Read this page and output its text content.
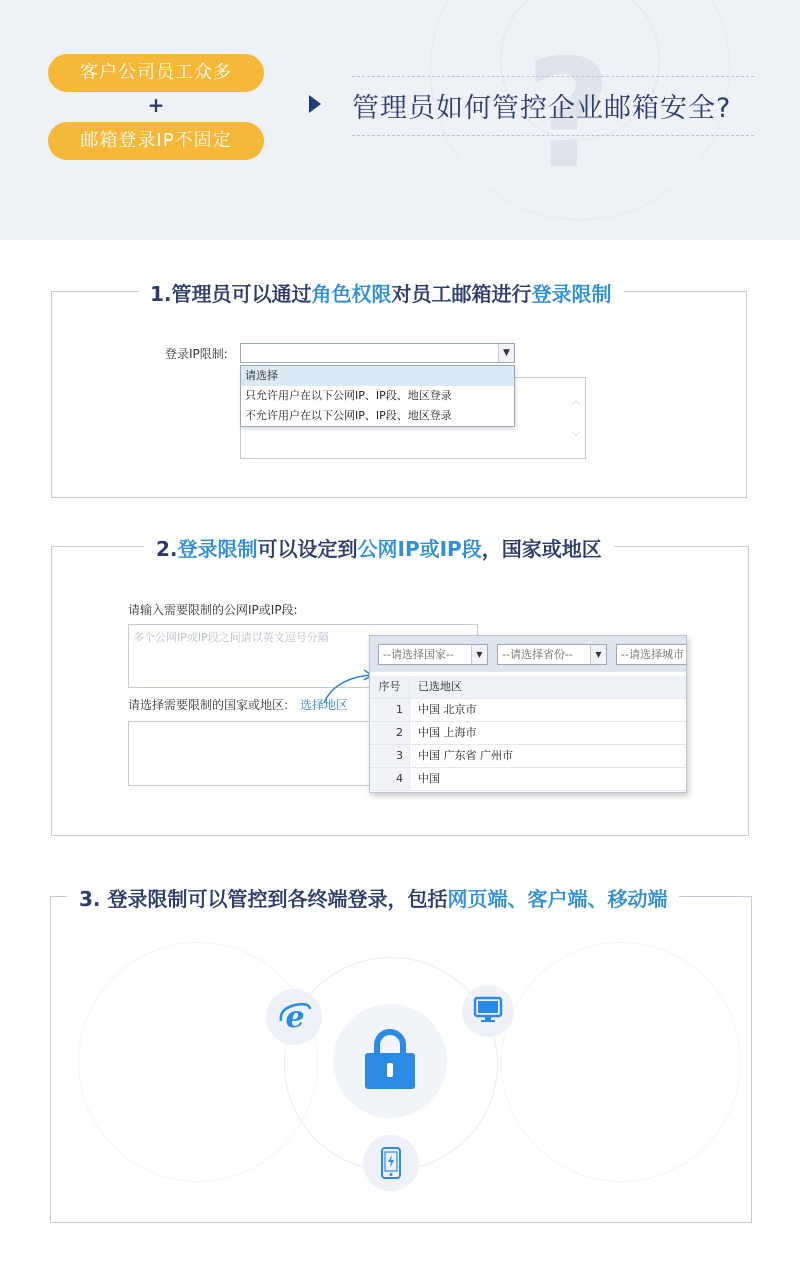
?
客户公司员工众多
+
邮箱登录IP不固定
管理员如何管控企业邮箱安全?
1.管理员可以通过角色权限对员工邮箱进行登录限制
登录IP限制:	▼
︿
﹀
请选择
只允许用户在以下公网IP、IP段、地区登录
不允许用户在以下公网IP、IP段、地区登录
2.登录限制可以设定到公网IP或IP段，国家或地区
请输入需要限制的公网IP或IP段:
多个公网IP或IP段之间请以英文逗号分隔
请选择需要限制的国家或地区: 选择地区
--请选择国家--	▼	--请选择省份--	▼	--请选择城市
序号	已选地区
1	中国 北京市
2	中国 上海市
3	中国 广东省 广州市
4	中国
3. 登录限制可以管控到各终端登录，包括网页端、客户端、移动端
e
